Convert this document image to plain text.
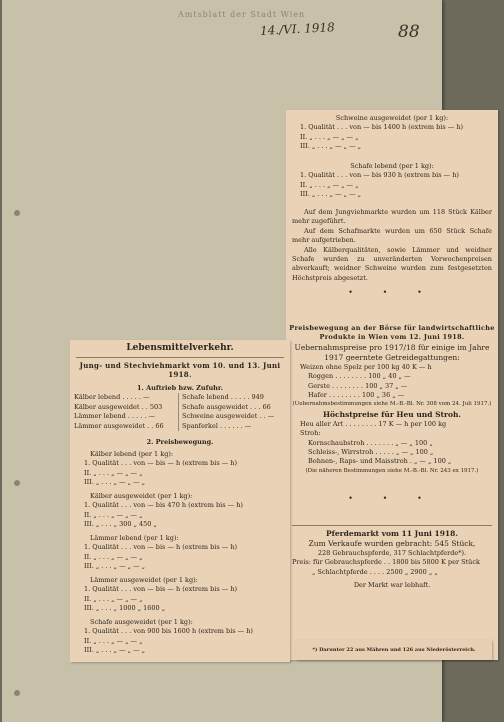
Amtsblatt der Stadt Wien
14./VI. 1918	88
Schweine ausgeweidet (per 1 kg):
1. Qualität . . . von — bis 1400 h (extrem bis — h)
II. „ . . . „ — „ — „
III. „ . . . „ — „ — „
Schafe lebend (per 1 kg):
1. Qualität . . . von — bis 930 h (extrem bis — h)
II. „ . . . „ — „ — „
III. „ . . . „ — „ — „
Auf dem Jungviehmarkte wurden um 118 Stück Kälber mehr zugeführt.
Auf dem Schafmarkte wurden um 650 Stück Schafe mehr aufgetrieben.
Alle Kälberqualitäten, sowie Lämmer und weidner Schafe wurden zu unveränderten Vorwochenpreisen abverkauft; weidner Schweine wurden zum festgesetzten Höchstpreis abgesetzt.
• • •
Preisbewegung an der Börse für landwirtschaftliche
Produkte in Wien vom 12. Juni 1918.
Uebernahmspreise pro 1917/18 für einige im Jahre
1917 geerntete Getreidegattungen:
Weizen ohne Spelz per 100 kg 40 K — h
Roggen . . . . . . . . 100 „ 40 „ —
Gerste . . . . . . . . 100 „ 37 „ —
Hafer . . . . . . . . 100 „ 36 „ —
(Uebernahmsbestimmungen siehe M.-B.-Bl. Nr. 308 vom 24. Juli 1917.)
Höchstpreise für Heu und Stroh.
Heu aller Art . . . . . . . . 17 K — h per 100 kg
Stroh:
Kornschaubstroh . . . . . . . „ — „ 100 „
Schleiss-, Wirrstroh . . . . . „ — „ 100 „
Bohnen-, Raps- und Maisstroh . „ — „ 100 „
(Die näheren Bestimmungen siehe M.-B.-Bl. Nr. 243 ex 1917.)
• • •
Pferdemarkt vom 11 Juni 1918.
Zum Verkaufe wurden gebracht: 545 Stück,
228 Gebrauchspferde, 317 Schlachtpferde*).
Preis: für Gebrauchspferde . . 1800 bis 5800 K per Stück
„ Schlachtpferde . . . . 2500 „ 2900 „ „
Der Markt war lebhaft.
*) Darunter 22 aus Mähren und 126 aus Niederösterreich.
Lebensmittelverkehr.
Jung- und Stechviehmarkt vom 10. und 13. Juni
1918.
1. Auftrieb bzw. Zufuhr.
Kälber lebend . . . . . —
Kälber ausgeweidet . . 503
Lämmer lebend . . . . . —
Lämmer ausgeweidet . . 66
Schafe lebend . . . . . 949
Schafe ausgeweidet . . . 66
Schweine ausgeweidet . . —
Spanferkel . . . . . . —
2. Preisbewegung.
Kälber lebend (per 1 kg):
1. Qualität . . . von — bis — h (extrem bis — h)
II. „ . . . „ — „ — „
III. „ . . . „ — „ — „
Kälber ausgeweidet (per 1 kg):
1. Qualität . . . von — bis 470 h (extrem bis — h)
II. „ . . . „ — „ — „
III. „ . . . „ 300 „ 450 „
Lämmer lebend (per 1 kg):
1. Qualität . . . von — bis — h (extrem bis — h)
II. „ . . . „ — „ — „
III. „ . . . „ — „ — „
Lämmer ausgeweidet (per 1 kg):
1. Qualität . . . von — bis — h (extrem bis — h)
II. „ . . . „ — „ — „
III. „ . . . „ 1000 „ 1600 „
Schafe ausgeweidet (per 1 kg):
1. Qualität . . . von 900 bis 1600 h (extrem bis — h)
II. „ . . . „ — „ — „
III. „ . . . „ — „ — „
